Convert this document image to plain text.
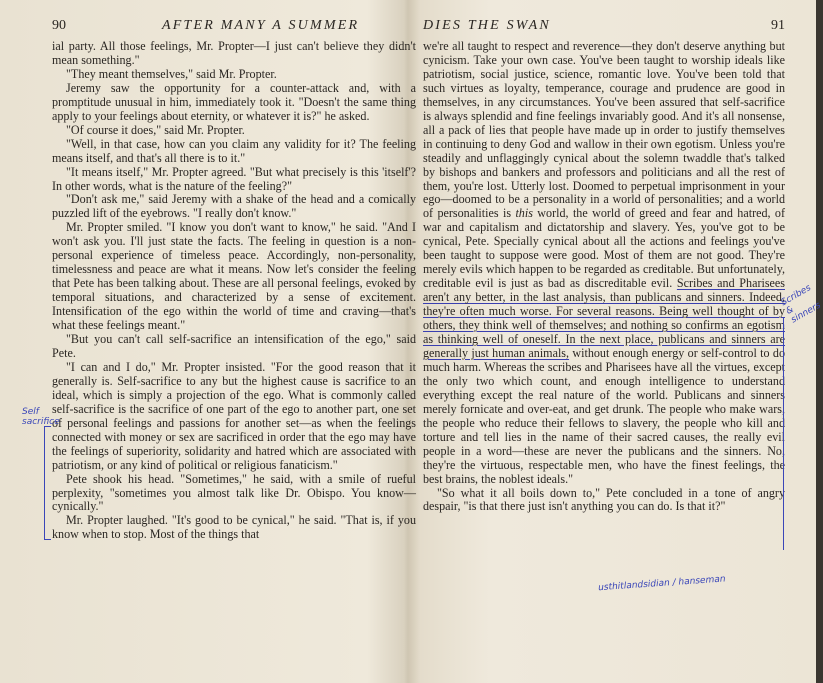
90	AFTER MANY A SUMMER

ial party. All those feelings, Mr. Propter—I just can't believe they didn't mean something."

"They meant themselves," said Mr. Propter.

Jeremy saw the opportunity for a counter-attack and, with a promptitude unusual in him, immediately took it. "Doesn't the same thing apply to your feelings about eternity, or whatever it is?" he asked.

"Of course it does," said Mr. Propter.

"Well, in that case, how can you claim any validity for it? The feeling means itself, and that's all there is to it."

"It means itself," Mr. Propter agreed. "But what precisely is this 'itself'? In other words, what is the nature of the feeling?"

"Don't ask me," said Jeremy with a shake of the head and a comically puzzled lift of the eyebrows. "I really don't know."

Mr. Propter smiled. "I know you don't want to know," he said. "And I won't ask you. I'll just state the facts. The feeling in question is a non-personal experience of timeless peace. Accordingly, non-personality, timelessness and peace are what it means. Now let's consider the feeling that Pete has been talking about. These are all personal feelings, evoked by temporal situations, and characterized by a sense of excitement. Intensification of the ego within the world of time and craving—that's what these feelings meant."

"But you can't call self-sacrifice an intensification of the ego," said Pete.

"I can and I do," Mr. Propter insisted. "For the good reason that it generally is. Self-sacrifice to any but the highest cause is sacrifice to an ideal, which is simply a projection of the ego. What is commonly called self-sacrifice is the sacrifice of one part of the ego to another part, one set of personal feelings and passions for another set—as when the feelings connected with money or sex are sacrificed in order that the ego may have the feelings of superiority, solidarity and hatred which are associated with patriotism, or any kind of political or religious fanaticism."

Pete shook his head. "Sometimes," he said, with a smile of rueful perplexity, "sometimes you almost talk like Dr. Obispo. You know—cynically."

Mr. Propter laughed. "It's good to be cynical," he said. "That is, if you know when to stop. Most of the things that

Self sacrifice
DIES THE SWAN	91

we're all taught to respect and reverence—they don't deserve anything but cynicism. Take your own case. You've been taught to worship ideals like patriotism, social justice, science, romantic love. You've been told that such virtues as loyalty, temperance, courage and prudence are good in themselves, in any circumstances. You've been assured that self-sacrifice is always splendid and fine feelings invariably good. And it's all nonsense, all a pack of lies that people have made up in order to justify themselves in continuing to deny God and wallow in their own egotism. Unless you're steadily and unflaggingly cynical about the solemn twaddle that's talked by bishops and bankers and professors and politicians and all the rest of them, you're lost. Utterly lost. Doomed to perpetual imprisonment in your ego—doomed to be a personality in a world of personalities; and a world of personalities is this world, the world of greed and fear and hatred, of war and capitalism and dictatorship and slavery. Yes, you've got to be cynical, Pete. Specially cynical about all the actions and feelings you've been taught to suppose were good. Most of them are not good. They're merely evils which happen to be regarded as creditable. But unfortunately, creditable evil is just as bad as discreditable evil. Scribes and Pharisees aren't any better, in the last analysis, than publicans and sinners. Indeed, they're often much worse. For several reasons. Being well thought of by others, they think well of themselves; and nothing so confirms an egotism as thinking well of oneself. In the next place, publicans and sinners are generally just human animals, without enough energy or self-control to do much harm. Whereas the scribes and Pharisees have all the virtues, except the only two which count, and enough intelligence to understand everything except the real nature of the world. Publicans and sinners merely fornicate and over-eat, and get drunk. The people who make wars, the people who reduce their fellows to slavery, the people who kill and torture and tell lies in the name of their sacred causes, the really evil people in a word—these are never the publicans and the sinners. No, they're the virtuous, respectable men, who have the finest feelings, the best brains, the noblest ideals."

"So what it all boils down to," Pete concluded in a tone of angry despair, "is that there just isn't anything you can do. Is that it?"

Scribes & sinners
usthitlandsidian / hanseman
